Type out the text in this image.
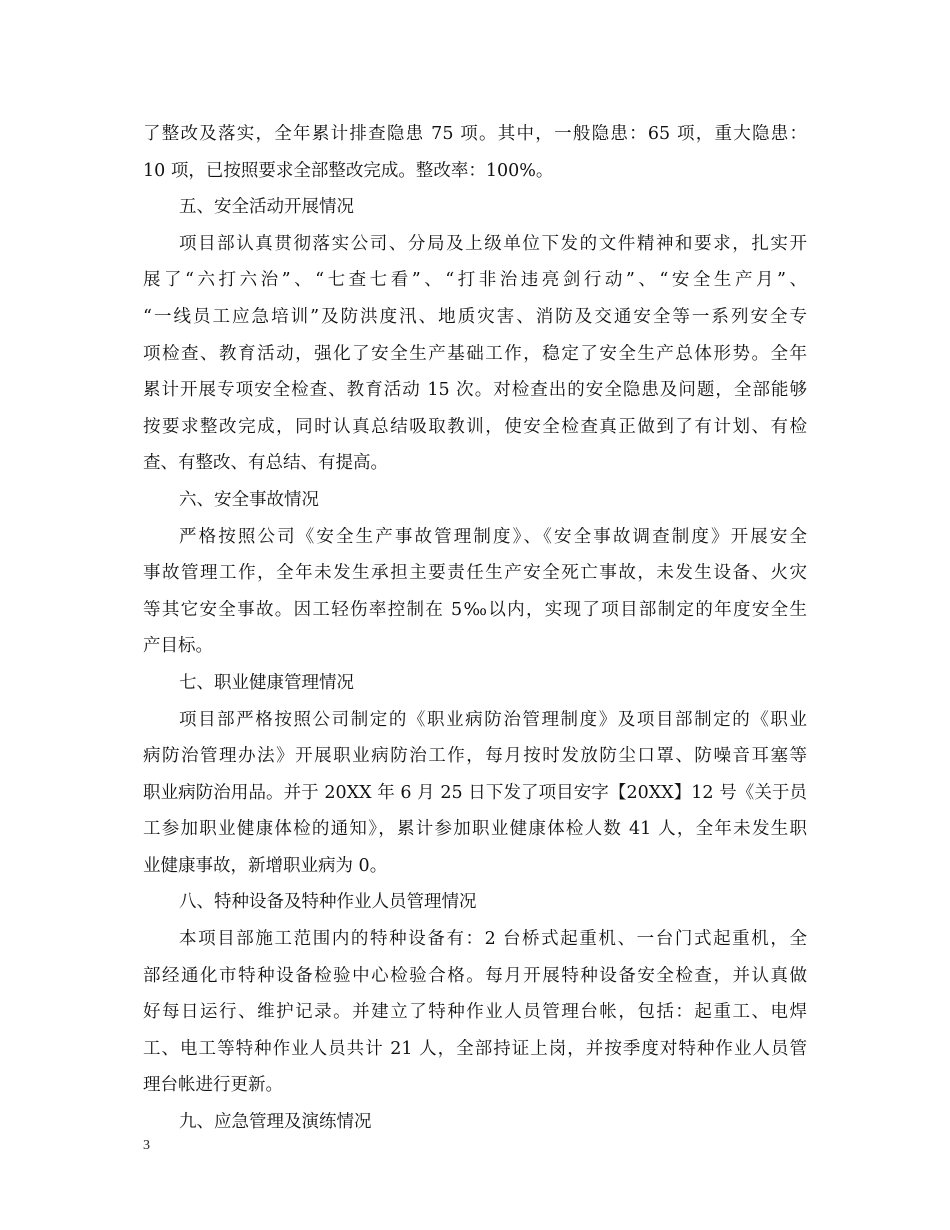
了整改及落实，全年累计排查隐患 75 项。其中，一般隐患：65 项，重大隐患：
10 项，已按照要求全部整改完成。整改率：100%。
五、安全活动开展情况
项目部认真贯彻落实公司、分局及上级单位下发的文件精神和要求，扎实开
展了“六打六治”、“七查七看”、“打非治违亮剑行动”、“安全生产月”、
“一线员工应急培训”及防洪度汛、地质灾害、消防及交通安全等一系列安全专
项检查、教育活动，强化了安全生产基础工作，稳定了安全生产总体形势。全年
累计开展专项安全检查、教育活动 15 次。对检查出的安全隐患及问题，全部能够
按要求整改完成，同时认真总结吸取教训，使安全检查真正做到了有计划、有检
查、有整改、有总结、有提高。
六、安全事故情况
严格按照公司《安全生产事故管理制度》、《安全事故调查制度》开展安全
事故管理工作，全年未发生承担主要责任生产安全死亡事故，未发生设备、火灾
等其它安全事故。因工轻伤率控制在 5‰以内，实现了项目部制定的年度安全生
产目标。
七、职业健康管理情况
项目部严格按照公司制定的《职业病防治管理制度》及项目部制定的《职业
病防治管理办法》开展职业病防治工作，每月按时发放防尘口罩、防噪音耳塞等
职业病防治用品。并于 20XX 年 6 月 25 日下发了项目安字【20XX】12 号《关于员
工参加职业健康体检的通知》，累计参加职业健康体检人数 41 人，全年未发生职
业健康事故，新增职业病为 0。
八、特种设备及特种作业人员管理情况
本项目部施工范围内的特种设备有：2 台桥式起重机、一台门式起重机，全
部经通化市特种设备检验中心检验合格。每月开展特种设备安全检查，并认真做
好每日运行、维护记录。并建立了特种作业人员管理台帐，包括：起重工、电焊
工、电工等特种作业人员共计 21 人，全部持证上岗，并按季度对特种作业人员管
理台帐进行更新。
九、应急管理及演练情况
3
